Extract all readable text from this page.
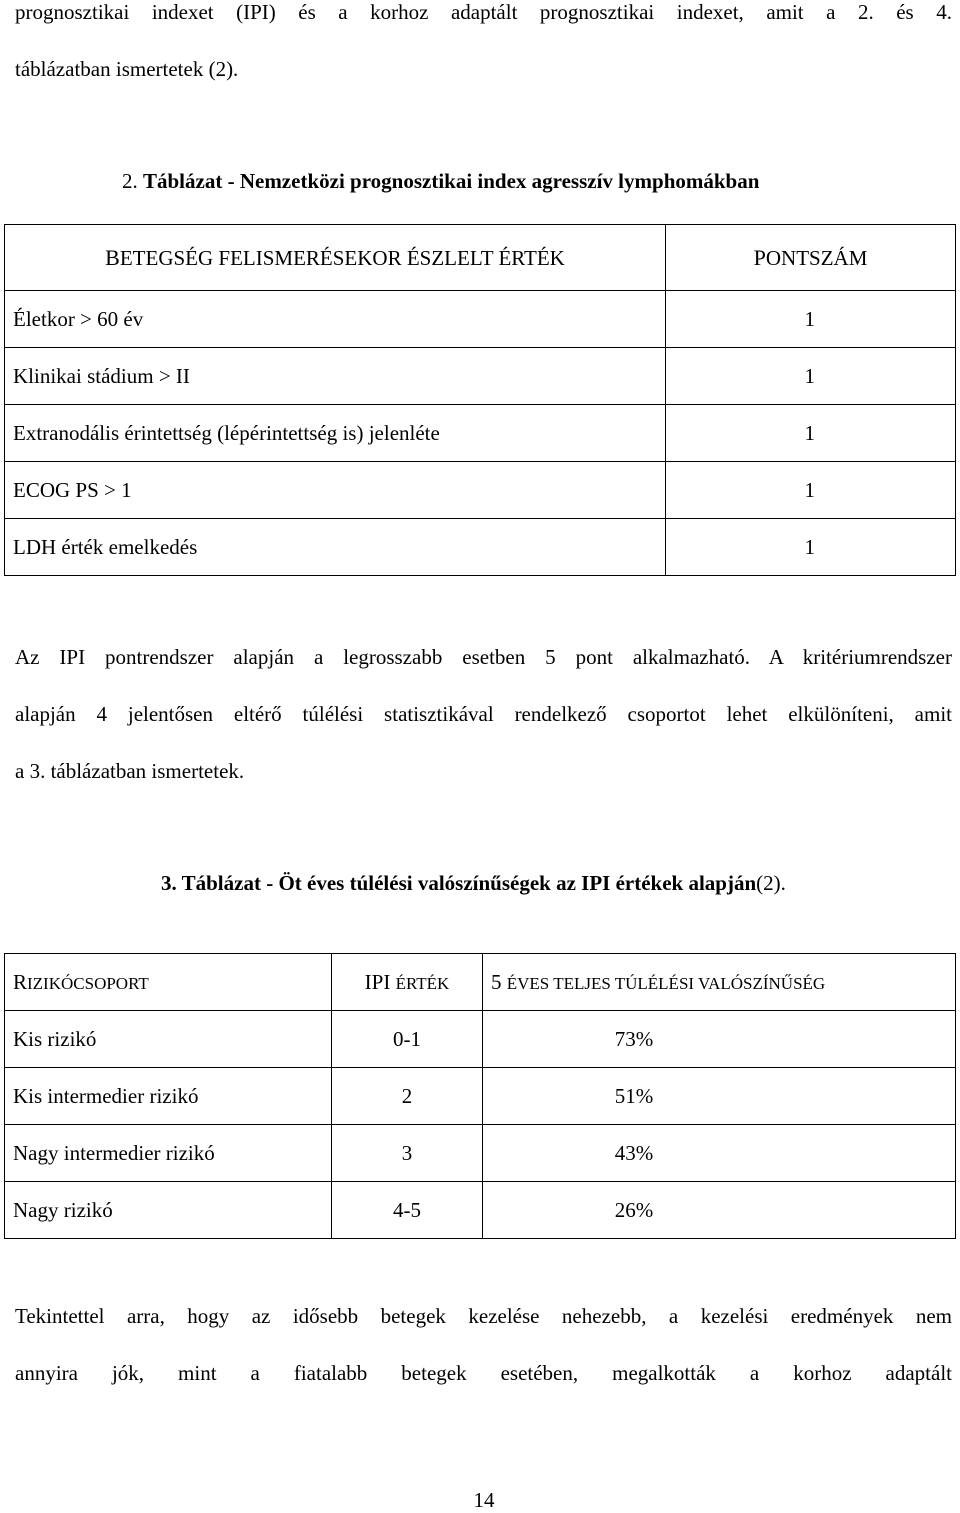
prognosztikai indexet (IPI) és a korhoz adaptált prognosztikai indexet, amit a 2. és 4.
táblázatban ismertetek (2).
2. Táblázat - Nemzetközi prognosztikai index agresszív lymphomákban
BETEGSÉG FELISMERÉSEKOR ÉSZLELT ÉRTÉK	PONTSZÁM
Életkor > 60 év	1
Klinikai stádium > II	1
Extranodális érintettség (lépérintettség is) jelenléte	1
ECOG PS > 1	1
LDH érték emelkedés	1
Az IPI pontrendszer alapján a legrosszabb esetben 5 pont alkalmazható. A kritériumrendszer
alapján 4 jelentősen eltérő túlélési statisztikával rendelkező csoportot lehet elkülöníteni, amit
a 3. táblázatban ismertetek.
3. Táblázat - Öt éves túlélési valószínűségek az IPI értékek alapján(2).
RIZIKÓCSOPORT	IPI ÉRTÉK	5 ÉVES TELJES TÚLÉLÉSI VALÓSZÍNŰSÉG
Kis rizikó	0-1	73%
Kis intermedier rizikó	2	51%
Nagy intermedier rizikó	3	43%
Nagy rizikó	4-5	26%
Tekintettel arra, hogy az idősebb betegek kezelése nehezebb, a kezelési eredmények nem
annyira jók, mint a fiatalabb betegek esetében, megalkották a korhoz adaptált
14
